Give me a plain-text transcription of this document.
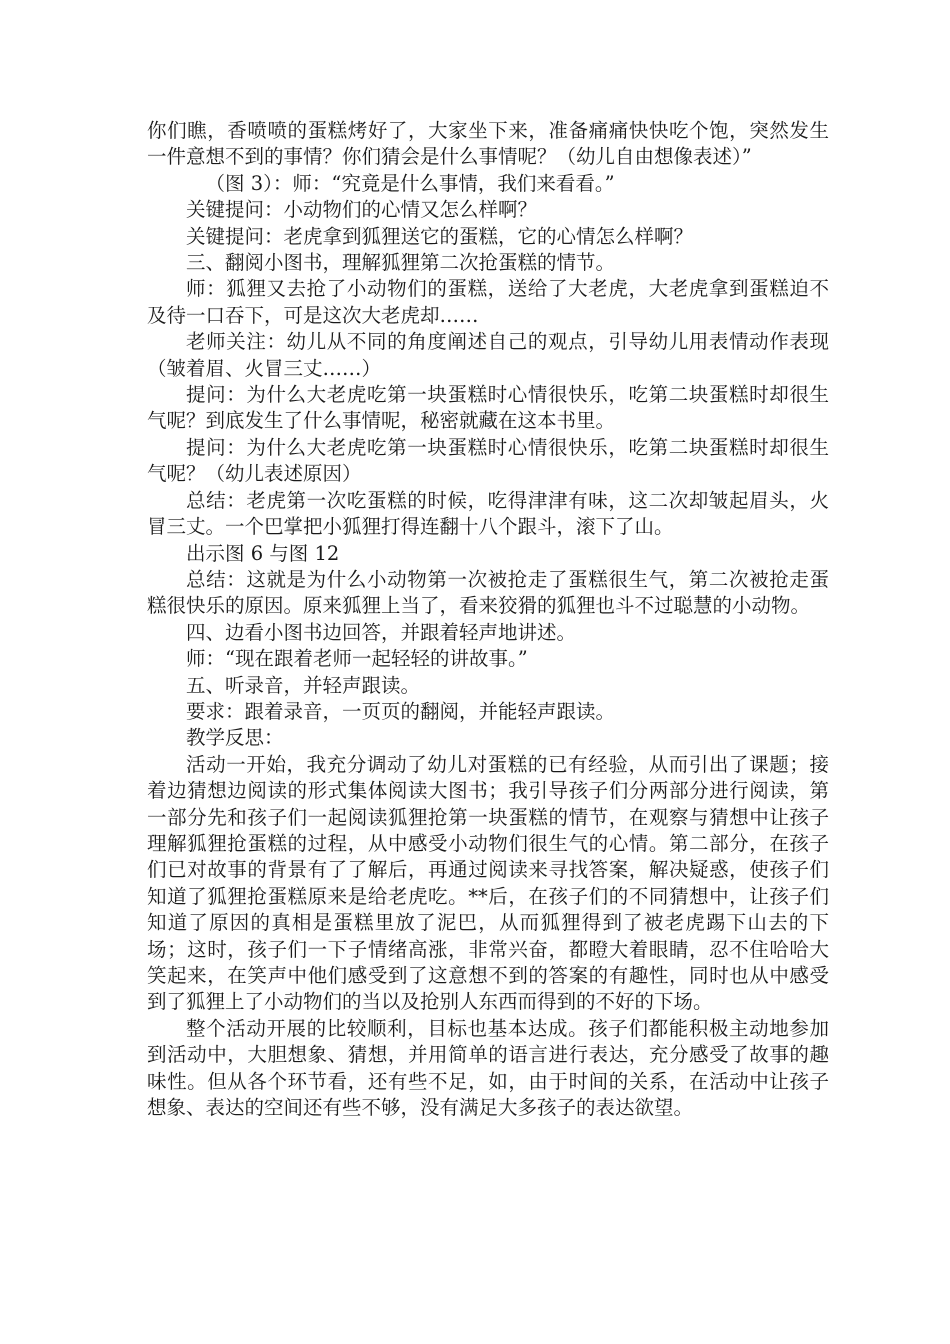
你们瞧，香喷喷的蛋糕烤好了，大家坐下来，准备痛痛快快吃个饱，突然发生一件意想不到的事情？你们猜会是什么事情呢？（幼儿自由想像表述）”

（图 3）：师：“究竟是什么事情，我们来看看。”

关键提问：小动物们的心情又怎么样啊？

关键提问：老虎拿到狐狸送它的蛋糕，它的心情怎么样啊？

三、翻阅小图书，理解狐狸第二次抢蛋糕的情节。

师：狐狸又去抢了小动物们的蛋糕，送给了大老虎，大老虎拿到蛋糕迫不及待一口吞下，可是这次大老虎却……

老师关注：幼儿从不同的角度阐述自己的观点，引导幼儿用表情动作表现（皱着眉、火冒三丈……）

提问：为什么大老虎吃第一块蛋糕时心情很快乐，吃第二块蛋糕时却很生气呢？到底发生了什么事情呢，秘密就藏在这本书里。

提问：为什么大老虎吃第一块蛋糕时心情很快乐，吃第二块蛋糕时却很生气呢？（幼儿表述原因）

总结：老虎第一次吃蛋糕的时候，吃得津津有味，这二次却皱起眉头，火冒三丈。一个巴掌把小狐狸打得连翻十八个跟斗，滚下了山。

出示图 6 与图 12

总结：这就是为什么小动物第一次被抢走了蛋糕很生气，第二次被抢走蛋糕很快乐的原因。原来狐狸上当了，看来狡猾的狐狸也斗不过聪慧的小动物。

四、边看小图书边回答，并跟着轻声地讲述。

师：“现在跟着老师一起轻轻的讲故事。”

五、听录音，并轻声跟读。

要求：跟着录音，一页页的翻阅，并能轻声跟读。

教学反思：

活动一开始，我充分调动了幼儿对蛋糕的已有经验，从而引出了课题；接着边猜想边阅读的形式集体阅读大图书；我引导孩子们分两部分进行阅读，第一部分先和孩子们一起阅读狐狸抢第一块蛋糕的情节，在观察与猜想中让孩子理解狐狸抢蛋糕的过程，从中感受小动物们很生气的心情。第二部分，在孩子们已对故事的背景有了了解后，再通过阅读来寻找答案，解决疑惑，使孩子们知道了狐狸抢蛋糕原来是给老虎吃。**后，在孩子们的不同猜想中，让孩子们知道了原因的真相是蛋糕里放了泥巴，从而狐狸得到了被老虎踢下山去的下场；这时，孩子们一下子情绪高涨，非常兴奋，都瞪大着眼睛，忍不住哈哈大笑起来，在笑声中他们感受到了这意想不到的答案的有趣性，同时也从中感受到了狐狸上了小动物们的当以及抢别人东西而得到的不好的下场。

整个活动开展的比较顺利，目标也基本达成。孩子们都能积极主动地参加到活动中，大胆想象、猜想，并用简单的语言进行表达，充分感受了故事的趣味性。但从各个环节看，还有些不足，如，由于时间的关系，在活动中让孩子想象、表达的空间还有些不够，没有满足大多孩子的表达欲望。
